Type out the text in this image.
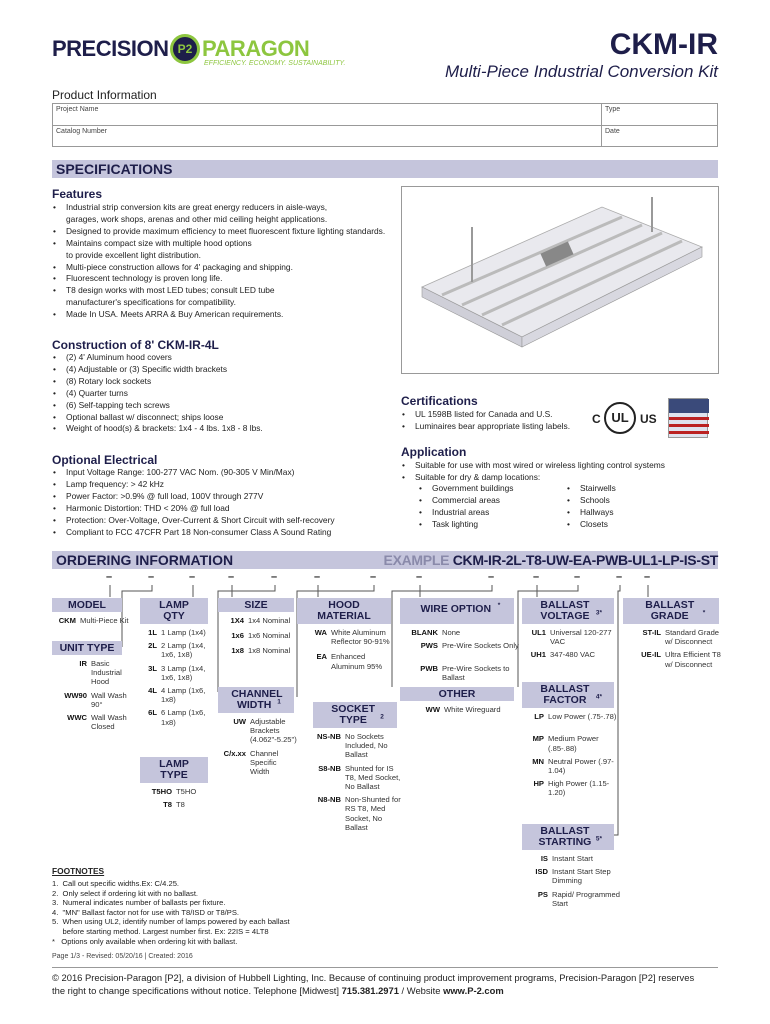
PRECISION P2 PARAGON
EFFICIENCY. ECONOMY. SUSTAINABILITY.
CKM-IR
Multi-Piece Industrial Conversion Kit
Product Information
Project Name	Type
Catalog Number	Date
SPECIFICATIONS
Features
• Industrial strip conversion kits are great energy reducers in aisle-ways,
garages, work shops, arenas and other mid ceiling height applications.
• Designed to provide maximum efficiency to meet fluorescent fixture lighting standards.
• Maintains compact size with multiple hood options
to provide excellent light distribution.
• Multi-piece construction allows for 4' packaging and shipping.
• Fluorescent technology is proven long life.
• T8 design works with most LED tubes; consult LED tube
manufacturer's specifications for compatibility.
• Made In USA. Meets ARRA & Buy American requirements.
Construction of 8' CKM-IR-4L
• (2) 4' Aluminum hood covers
• (4) Adjustable or (3) Specific width brackets
• (8) Rotary lock sockets
• (4) Quarter turns
• (6) Self-tapping tech screws
• Optional ballast w/ disconnect; ships loose
• Weight of hood(s) & brackets: 1x4 - 4 lbs. 1x8 - 8 lbs.
Certifications
• UL 1598B listed for Canada and U.S.
• Luminaires bear appropriate listing labels.	C UL US
Application
• Suitable for use with most wired or wireless lighting control systems
• Suitable for dry & damp locations:
• Government buildings
• Commercial areas
• Industrial areas
• Task lighting
• Stairwells
• Schools
• Hallways
• Closets
Optional Electrical
• Input Voltage Range: 100-277 VAC Nom. (90-305 V Min/Max)
• Lamp frequency: > 42 kHz
• Power Factor: >0.9% @ full load, 100V through 277V
• Harmonic Distortion: THD < 20% @ full load
• Protection: Over-Voltage, Over-Current & Short Circuit with self-recovery
• Compliant to FCC 47CFR Part 18 Non-consumer Class A Sound Rating
ORDERING INFORMATION	EXAMPLE CKM-IR-2L-T8-UW-EA-PWB-UL1-LP-IS-ST
–	–	–	–	–	–	–	–	–	–	–	– –
MODEL
CKM Multi-Piece Kit
UNIT TYPE
IR Basic Industrial Hood
WW90 Wall Wash 90°
WWC Wall Wash Closed
LAMP QTY
1L 1 Lamp (1x4)
2L 2 Lamp (1x4, 1x6, 1x8)
3L 3 Lamp (1x4, 1x6, 1x8)
4L 4 Lamp (1x6, 1x8)
6L 6 Lamp (1x6, 1x8)
LAMP TYPE
T5HO T5HO
T8 T8
SIZE
1X4 1x4 Nominal
1x6 1x6 Nominal
1x8 1x8 Nominal
CHANNEL WIDTH $^1$
UW Adjustable Brackets (4.062"-5.25")
C/x.xx Channel Specific Width
HOOD MATERIAL
WA White Aluminum Reflector 90-91%
EA Enhanced Aluminum 95%
SOCKET TYPE $^2$
NS-NB No Sockets Included, No Ballast
S8-NB Shunted for IS T8, Med Socket, No Ballast
N8-NB Non-Shunted for RS T8, Med Socket, No Ballast
WIRE OPTION *
BLANK None
PWS Pre-Wire Sockets Only
PWB Pre-Wire Sockets to Ballast
OTHER
WW White Wireguard
BALLAST VOLTAGE $^{3*}$
UL1 Universal 120-277 VAC
UH1 347-480 VAC
BALLAST FACTOR $^{4*}$
LP Low Power (.75-.78)
MP Medium Power (.85-.88)
MN Neutral Power (.97-1.04)
HP High Power (1.15-1.20)
BALLAST STARTING $^{5*}$
IS Instant Start
ISD Instant Start Step Dimming
PS Rapid/ Programmed Start
BALLAST GRADE *
ST-IL Standard Grade w/ Disconnect
UE-IL Ultra Efficient T8 w/ Disconnect
FOOTNOTES
1.  Call out specific widths.Ex: C/4.25.
2.  Only select if ordering kit with no ballast.
3.  Numeral indicates number of ballasts per fixture.
4.  "MN" Ballast factor not for use with T8/ISD or T8/PS.
5.  When using UL2, identify number of lamps powered by each ballast
before starting method. Largest number first. Ex: 22IS = 4LT8
*   Options only available when ordering kit with ballast.
Page 1/3 - Revised: 05/20/16 | Created: 2016
© 2016 Precision-Paragon [P2], a division of Hubbell Lighting, Inc. Because of continuing product improvement programs, Precision-Paragon [P2] reserves
the right to change specifications without notice. Telephone [Midwest] 715.381.2971 / Website www.P-2.com
